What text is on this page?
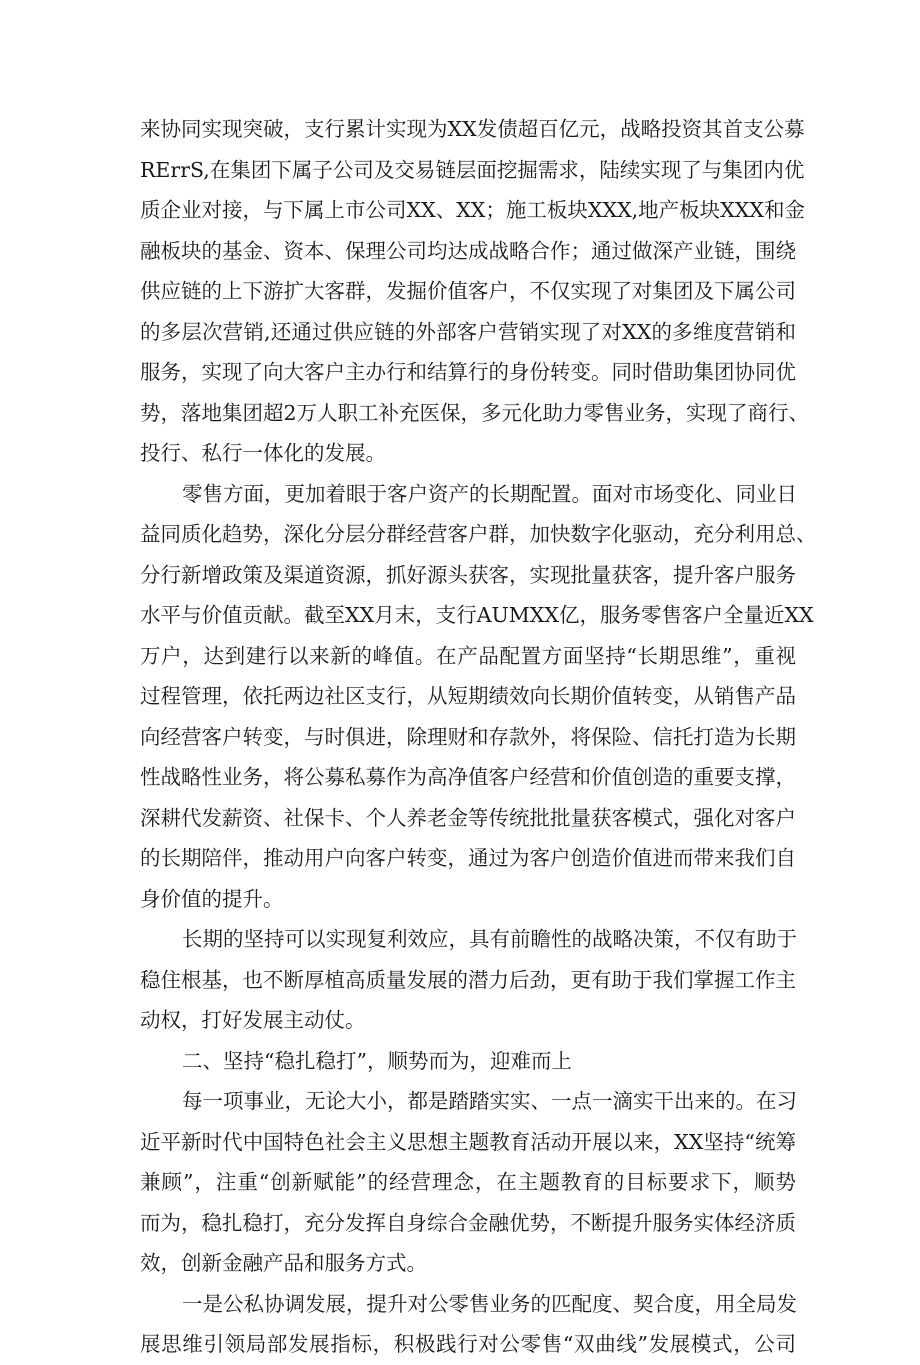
来协同实现突破，支行累计实现为XX发债超百亿元，战略投资其首支公募
RErrS,在集团下属子公司及交易链层面挖掘需求，陆续实现了与集团内优
质企业对接，与下属上市公司XX、XX；施工板块XXX,地产板块XXX和金
融板块的基金、资本、保理公司均达成战略合作；通过做深产业链，围绕
供应链的上下游扩大客群，发掘价值客户，不仅实现了对集团及下属公司
的多层次营销,还通过供应链的外部客户营销实现了对XX的多维度营销和
服务，实现了向大客户主办行和结算行的身份转变。同时借助集团协同优
势，落地集团超2万人职工补充医保，多元化助力零售业务，实现了商行、
投行、私行一体化的发展。
零售方面，更加着眼于客户资产的长期配置。面对市场变化、同业日
益同质化趋势，深化分层分群经营客户群，加快数字化驱动，充分利用总、
分行新增政策及渠道资源，抓好源头获客，实现批量获客，提升客户服务
水平与价值贡献。截至XX月末，支行AUMXX亿，服务零售客户全量近XX
万户，达到建行以来新的峰值。在产品配置方面坚持“长期思维”，重视
过程管理，依托两边社区支行，从短期绩效向长期价值转变，从销售产品
向经营客户转变，与时俱进，除理财和存款外，将保险、信托打造为长期
性战略性业务，将公募私募作为高净值客户经营和价值创造的重要支撑，
深耕代发薪资、社保卡、个人养老金等传统批批量获客模式，强化对客户
的长期陪伴，推动用户向客户转变，通过为客户创造价值进而带来我们自
身价值的提升。
长期的坚持可以实现复利效应，具有前瞻性的战略决策，不仅有助于
稳住根基，也不断厚植高质量发展的潜力后劲，更有助于我们掌握工作主
动权，打好发展主动仗。
二、坚持“稳扎稳打”，顺势而为，迎难而上
每一项事业，无论大小，都是踏踏实实、一点一滴实干出来的。在习
近平新时代中国特色社会主义思想主题教育活动开展以来，XX坚持“统筹
兼顾”，注重“创新赋能”的经营理念，在主题教育的目标要求下，顺势
而为，稳扎稳打，充分发挥自身综合金融优势，不断提升服务实体经济质
效，创新金融产品和服务方式。
一是公私协调发展，提升对公零售业务的匹配度、契合度，用全局发
展思维引领局部发展指标，积极践行对公零售“双曲线”发展模式，公司
